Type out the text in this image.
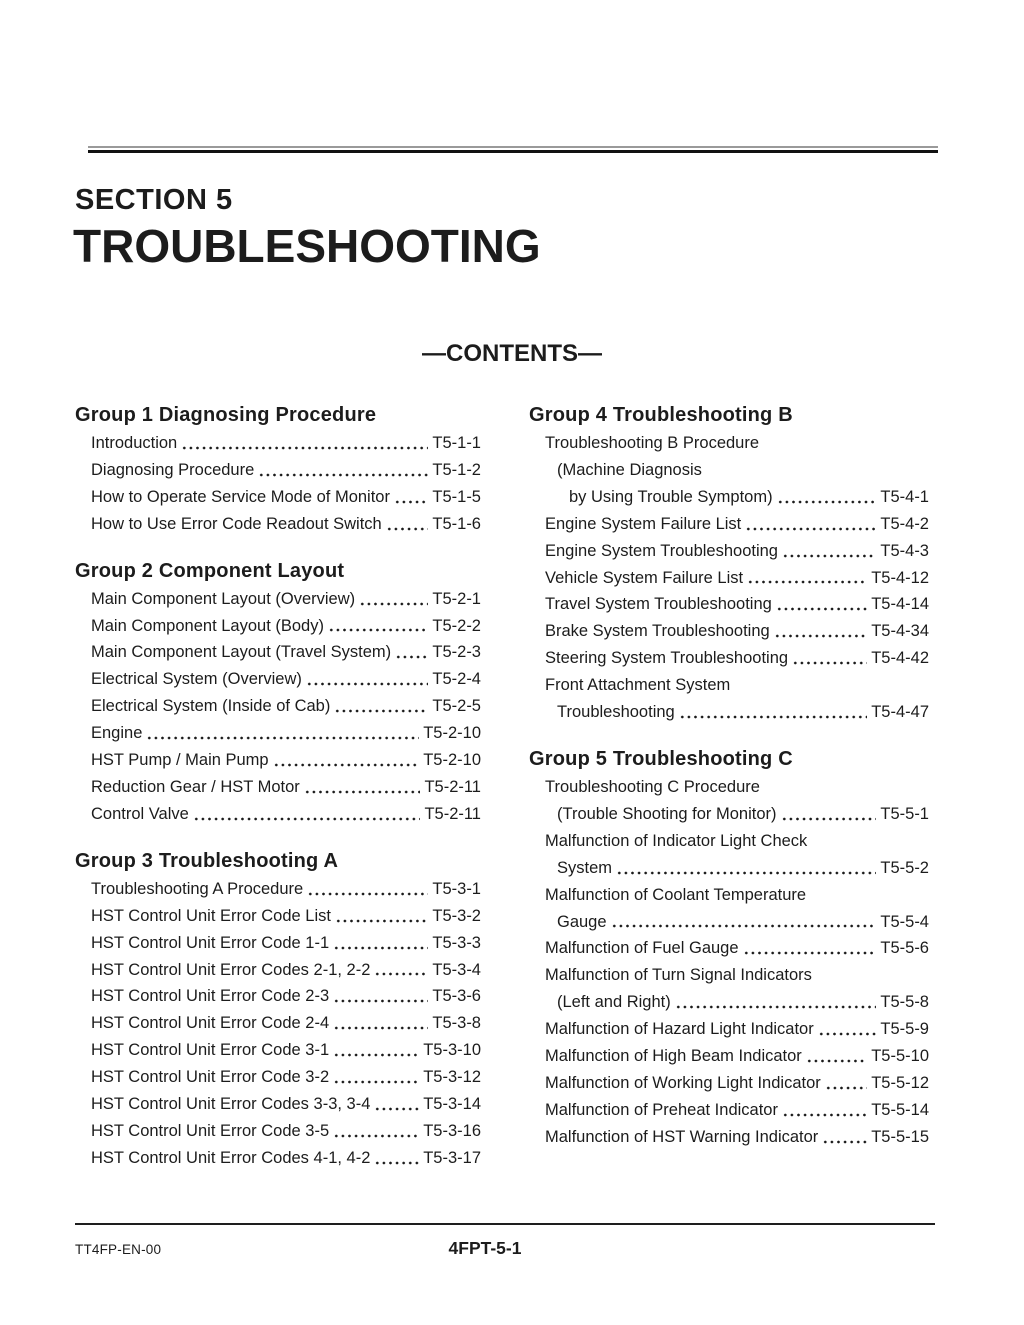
SECTION 5
TROUBLESHOOTING
—CONTENTS—
Group 1 Diagnosing Procedure
Introduction	T5-1-1
Diagnosing Procedure	T5-1-2
How to Operate Service Mode of Monitor	T5-1-5
How to Use Error Code Readout Switch	T5-1-6
Group 2 Component Layout
Main Component Layout (Overview)	T5-2-1
Main Component Layout (Body)	T5-2-2
Main Component Layout (Travel System) T5-2-3
Electrical System (Overview)	T5-2-4
Electrical System (Inside of Cab)	T5-2-5
Engine	T5-2-10
HST Pump / Main Pump	T5-2-10
Reduction Gear / HST Motor	T5-2-11
Control Valve	T5-2-11
Group 3 Troubleshooting A
Troubleshooting A Procedure	T5-3-1
HST Control Unit Error Code List	T5-3-2
HST Control Unit Error Code 1-1	T5-3-3
HST Control Unit Error Codes 2-1, 2-2	T5-3-4
HST Control Unit Error Code 2-3	T5-3-6
HST Control Unit Error Code 2-4	T5-3-8
HST Control Unit Error Code 3-1	T5-3-10
HST Control Unit Error Code 3-2	T5-3-12
HST Control Unit Error Codes 3-3, 3-4	T5-3-14
HST Control Unit Error Code 3-5	T5-3-16
HST Control Unit Error Codes 4-1, 4-2	T5-3-17
Group 4 Troubleshooting B
Troubleshooting B Procedure
(Machine Diagnosis
by Using Trouble Symptom)	T5-4-1
Engine System Failure List	T5-4-2
Engine System Troubleshooting	T5-4-3
Vehicle System Failure List	T5-4-12
Travel System Troubleshooting	T5-4-14
Brake System Troubleshooting	T5-4-34
Steering System Troubleshooting	T5-4-42
Front Attachment System
Troubleshooting	T5-4-47
Group 5 Troubleshooting C
Troubleshooting C Procedure
(Trouble Shooting for Monitor)	T5-5-1
Malfunction of Indicator Light Check
System	T5-5-2
Malfunction of Coolant Temperature
Gauge	T5-5-4
Malfunction of Fuel Gauge	T5-5-6
Malfunction of Turn Signal Indicators
(Left and Right)	T5-5-8
Malfunction of Hazard Light Indicator	T5-5-9
Malfunction of High Beam Indicator	T5-5-10
Malfunction of Working Light Indicator	T5-5-12
Malfunction of Preheat Indicator	T5-5-14
Malfunction of HST Warning Indicator	T5-5-15
TT4FP-EN-00	4FPT-5-1
